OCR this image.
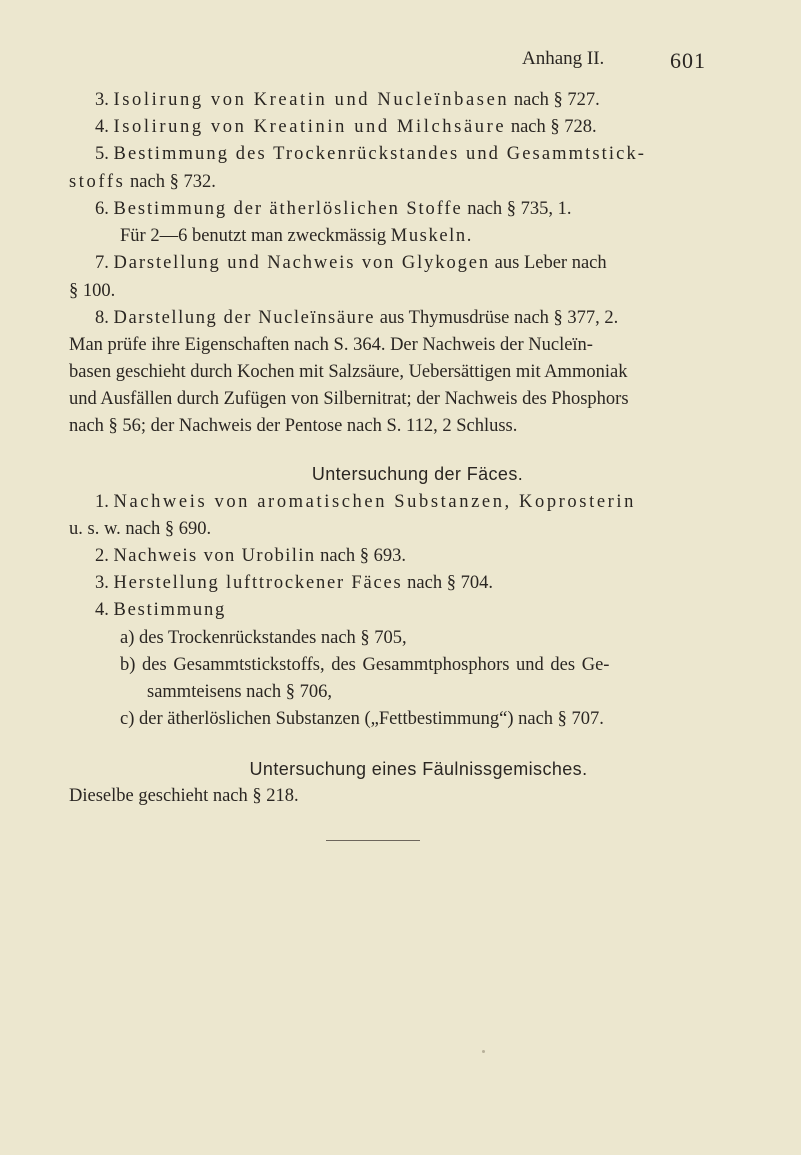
Anhang II.	601
3. Isolirung von Kreatin und Nucleïnbasen nach § 727.
4. Isolirung von Kreatinin und Milchsäure nach § 728.
5. Bestimmung des Trockenrückstandes und Gesammtstick-
stoffs nach § 732.
6. Bestimmung der ätherlöslichen Stoffe nach § 735, 1.
Für 2—6 benutzt man zweckmässig Muskeln.
7. Darstellung und Nachweis von Glykogen aus Leber nach
§ 100.
8. Darstellung der Nucleïnsäure aus Thymusdrüse nach § 377, 2.
Man prüfe ihre Eigenschaften nach S. 364. Der Nachweis der Nucleïn-
basen geschieht durch Kochen mit Salzsäure, Uebersättigen mit Ammoniak
und Ausfällen durch Zufügen von Silbernitrat; der Nachweis des Phosphors
nach § 56; der Nachweis der Pentose nach S. 112, 2 Schluss.
Untersuchung der Fäces.
1. Nachweis von aromatischen Substanzen, Koprosterin
u. s. w. nach § 690.
2. Nachweis von Urobilin nach § 693.
3. Herstellung lufttrockener Fäces nach § 704.
4. Bestimmung
a) des Trockenrückstandes nach § 705,
b) des Gesammtstickstoffs, des Gesammtphosphors und des Ge-
sammteisens nach § 706,
c) der ätherlöslichen Substanzen („Fettbestimmung“) nach § 707.
Untersuchung eines Fäulnissgemisches.
Dieselbe geschieht nach § 218.
